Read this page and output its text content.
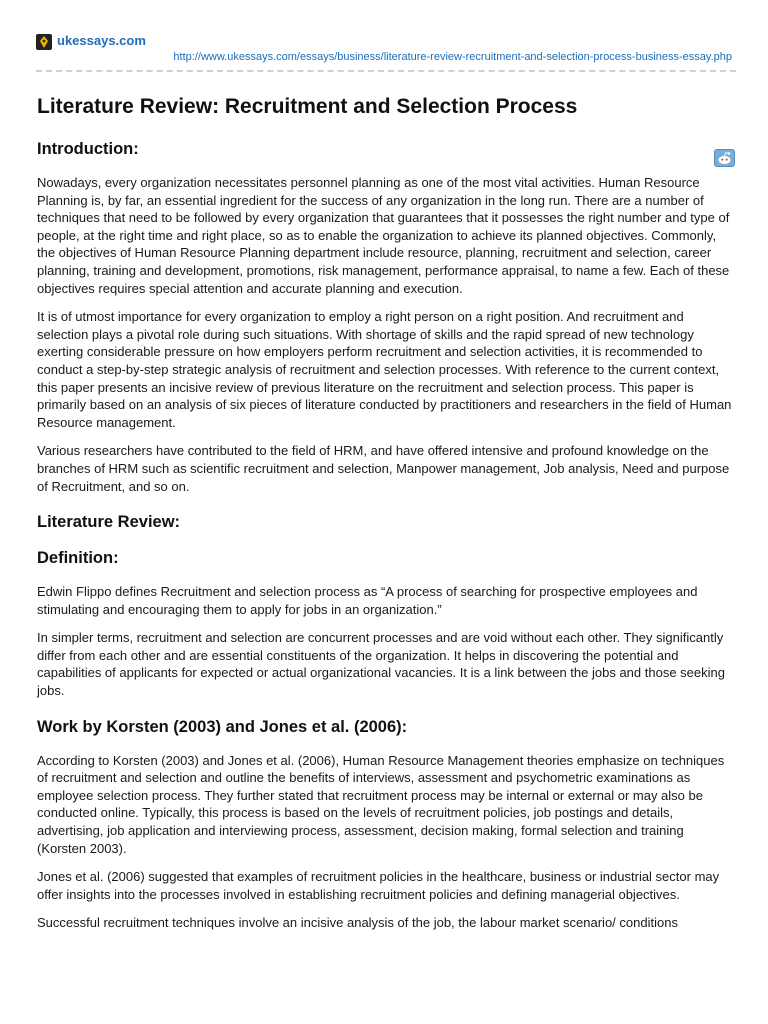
ukessays.com
http://www.ukessays.com/essays/business/literature-review-recruitment-and-selection-process-business-essay.php
Literature Review: Recruitment and Selection Process
Introduction:

Nowadays, every organization necessitates personnel planning as one of the most vital activities. Human Resource Planning is, by far, an essential ingredient for the success of any organization in the long run. There are a number of techniques that need to be followed by every organization that guarantees that it possesses the right number and type of people, at the right time and right place, so as to enable the organization to achieve its planned objectives. Commonly, the objectives of Human Resource Planning department include resource, planning, recruitment and selection, career planning, training and development, promotions, risk management, performance appraisal, to name a few. Each of these objectives requires special attention and accurate planning and execution.

It is of utmost importance for every organization to employ a right person on a right position. And recruitment and selection plays a pivotal role during such situations. With shortage of skills and the rapid spread of new technology exerting considerable pressure on how employers perform recruitment and selection activities, it is recommended to conduct a step-by-step strategic analysis of recruitment and selection processes. With reference to the current context, this paper presents an incisive review of previous literature on the recruitment and selection process. This paper is primarily based on an analysis of six pieces of literature conducted by practitioners and researchers in the field of Human Resource management.

Various researchers have contributed to the field of HRM, and have offered intensive and profound knowledge on the branches of HRM such as scientific recruitment and selection, Manpower management, Job analysis, Need and purpose of Recruitment, and so on.

Literature Review:
Definition:

Edwin Flippo defines Recruitment and selection process as “A process of searching for prospective employees and stimulating and encouraging them to apply for jobs in an organization.”

In simpler terms, recruitment and selection are concurrent processes and are void without each other. They significantly differ from each other and are essential constituents of the organization. It helps in discovering the potential and capabilities of applicants for expected or actual organizational vacancies. It is a link between the jobs and those seeking jobs.

Work by Korsten (2003) and Jones et al. (2006):

According to Korsten (2003) and Jones et al. (2006), Human Resource Management theories emphasize on techniques of recruitment and selection and outline the benefits of interviews, assessment and psychometric examinations as employee selection process. They further stated that recruitment process may be internal or external or may also be conducted online. Typically, this process is based on the levels of recruitment policies, job postings and details, advertising, job application and interviewing process, assessment, decision making, formal selection and training (Korsten 2003).

Jones et al. (2006) suggested that examples of recruitment policies in the healthcare, business or industrial sector may offer insights into the processes involved in establishing recruitment policies and defining managerial objectives.

Successful recruitment techniques involve an incisive analysis of the job, the labour market scenario/ conditions
